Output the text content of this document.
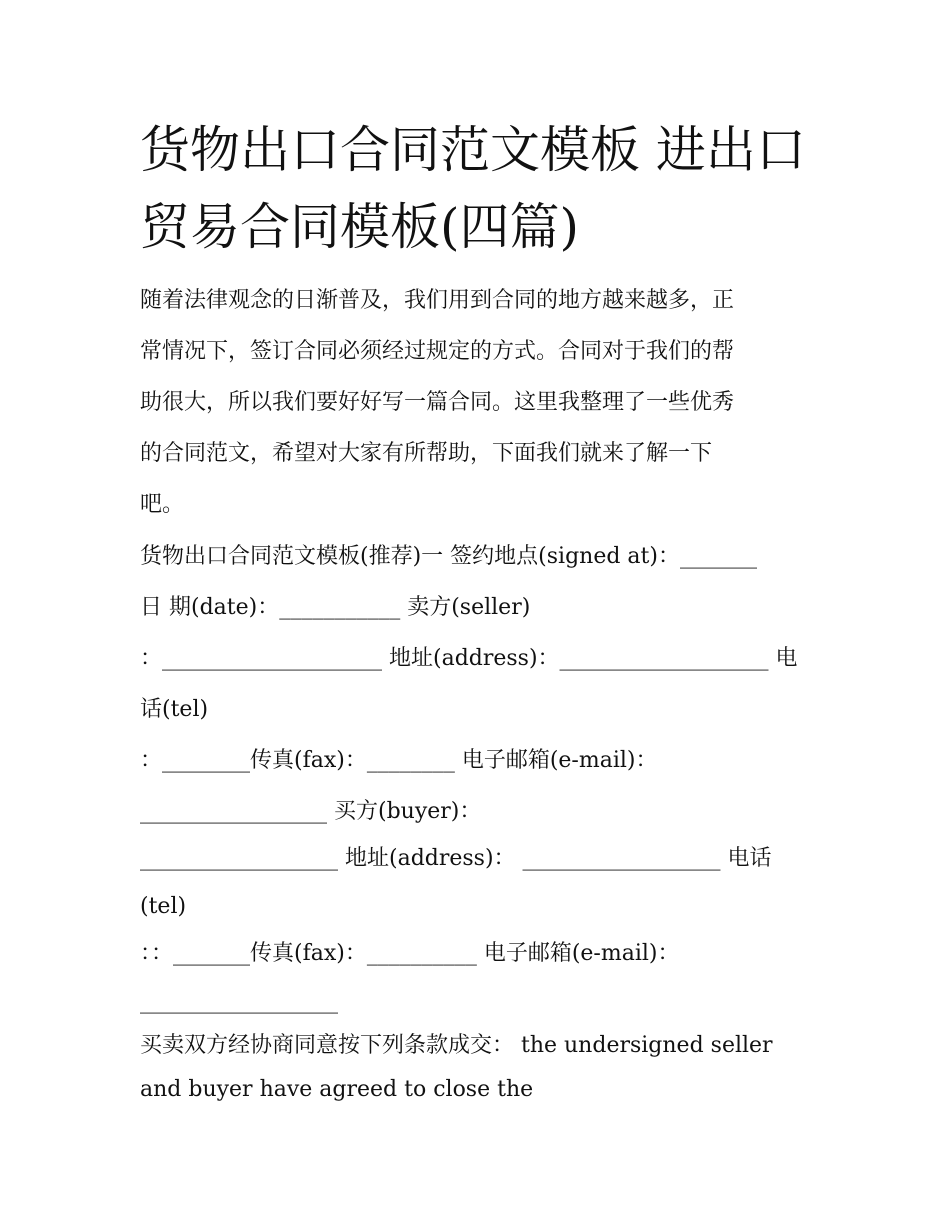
货物出口合同范文模板 进出口
贸易合同模板(四篇)
随着法律观念的日渐普及，我们用到合同的地方越来越多，正
常情况下，签订合同必须经过规定的方式。合同对于我们的帮
助很大，所以我们要好好写一篇合同。这里我整理了一些优秀
的合同范文，希望对大家有所帮助，下面我们就来了解一下
吧。
货物出口合同范文模板(推荐)一 签约地点(signed at)：_______
日 期(date)：___________ 卖方(seller)
：____________________ 地址(address)：___________________ 电
话(tel)
：________传真(fax)：________ 电子邮箱(e-mail)：
_________________ 买方(buyer)：
__________________ 地址(address)： __________________ 电话
(tel)
：：_______传真(fax)：__________ 电子邮箱(e-mail)：
__________________
买卖双方经协商同意按下列条款成交： the undersigned seller
and buyer have agreed to close the
